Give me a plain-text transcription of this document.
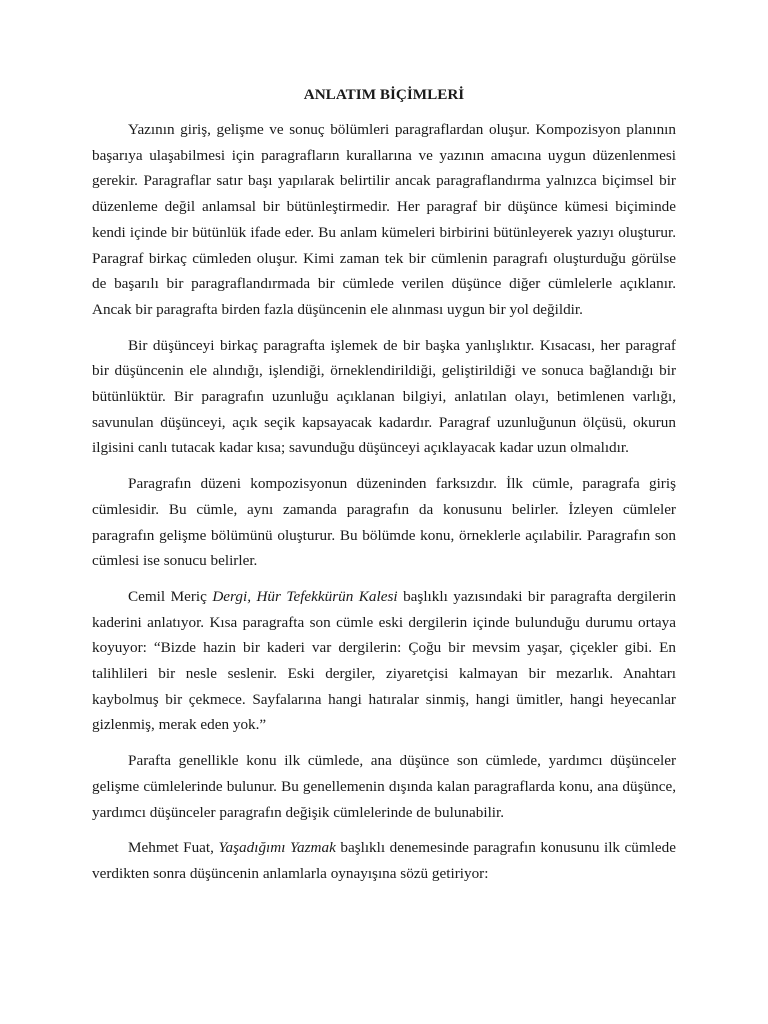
ANLATIM BİÇİMLERİ

Yazının giriş, gelişme ve sonuç bölümleri paragraflardan oluşur. Kompozisyon planının başarıya ulaşabilmesi için paragrafların kurallarına ve yazının amacına uygun düzenlenmesi gerekir. Paragraflar satır başı yapılarak belirtilir ancak paragraflandırma yalnızca biçimsel bir düzenleme değil anlamsal bir bütünleştirmedir. Her paragraf bir düşünce kümesi biçiminde kendi içinde bir bütünlük ifade eder. Bu anlam kümeleri birbirini bütünleyerek yazıyı oluşturur. Paragraf birkaç cümleden oluşur. Kimi zaman tek bir cümlenin paragrafı oluşturduğu görülse de başarılı bir paragraflandırmada bir cümlede verilen düşünce diğer cümlelerle açıklanır. Ancak bir paragrafta birden fazla düşüncenin ele alınması uygun bir yol değildir.

Bir düşünceyi birkaç paragrafta işlemek de bir başka yanlışlıktır. Kısacası, her paragraf bir düşüncenin ele alındığı, işlendiği, örneklendirildiği, geliştirildiği ve sonuca bağlandığı bir bütünlüktür. Bir paragrafın uzunluğu açıklanan bilgiyi, anlatılan olayı, betimlenen varlığı, savunulan düşünceyi, açık seçik kapsayacak kadardır. Paragraf uzunluğunun ölçüsü, okurun ilgisini canlı tutacak kadar kısa; savunduğu düşünceyi açıklayacak kadar uzun olmalıdır.

Paragrafın düzeni kompozisyonun düzeninden farksızdır. İlk cümle, paragrafa giriş cümlesidir. Bu cümle, aynı zamanda paragrafın da konusunu belirler. İzleyen cümleler paragrafın gelişme bölümünü oluşturur. Bu bölümde konu, örneklerle açılabilir. Paragrafın son cümlesi ise sonucu belirler.

Cemil Meriç Dergi, Hür Tefekkürün Kalesi başlıklı yazısındaki bir paragrafta dergilerin kaderini anlatıyor. Kısa paragrafta son cümle eski dergilerin içinde bulunduğu durumu ortaya koyuyor: “Bizde hazin bir kaderi var dergilerin: Çoğu bir mevsim yaşar, çiçekler gibi. En talihlileri bir nesle seslenir. Eski dergiler, ziyaretçisi kalmayan bir mezarlık. Anahtarı kaybolmuş bir çekmece. Sayfalarına hangi hatıralar sinmiş, hangi ümitler, hangi heyecanlar gizlenmiş, merak eden yok.”

Parafta genellikle konu ilk cümlede, ana düşünce son cümlede, yardımcı düşünceler gelişme cümlelerinde bulunur. Bu genellemenin dışında kalan paragraflarda konu, ana düşünce, yardımcı düşünceler paragrafın değişik cümlelerinde de bulunabilir.

Mehmet Fuat, Yaşadığımı Yazmak başlıklı denemesinde paragrafın konusunu ilk cümlede verdikten sonra düşüncenin anlamlarla oynayışına sözü getiriyor:
